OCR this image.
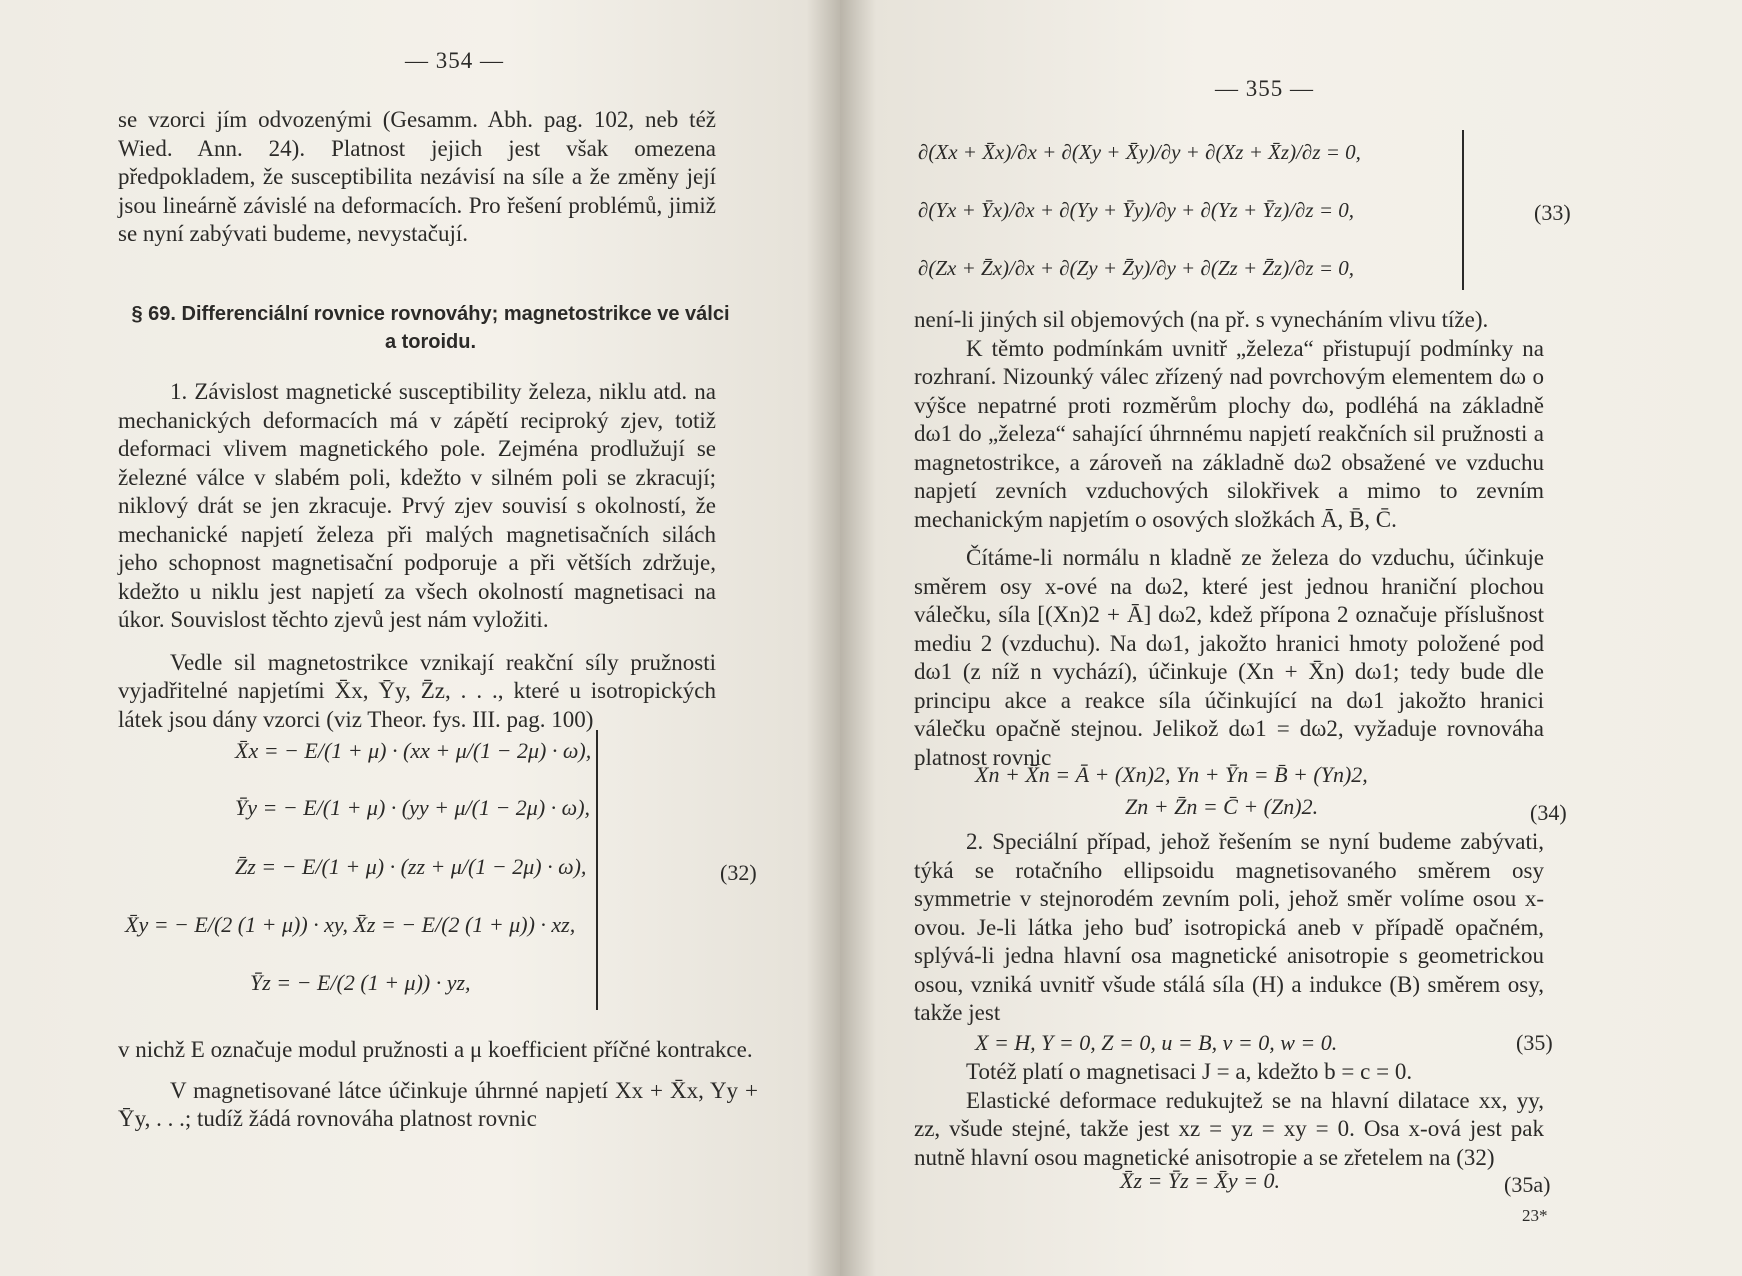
— 354 —

se vzorci jím odvozenými (Gesamm. Abh. pag. 102, neb též Wied. Ann. 24). Platnost jejich jest však omezena předpokladem, že susceptibilita nezávisí na síle a že změny její jsou lineárně závislé na deformacích. Pro řešení problémů, jimiž se nyní zabývati budeme, nevystačují.

§ 69. Differenciální rovnice rovnováhy; magnetostrikce ve válci
a toroidu.

1. Závislost magnetické susceptibility železa, niklu atd. na mechanických deformacích má v zápětí reciproký zjev, totiž deformaci vlivem magnetického pole. Zejména prodlužují se železné válce v slabém poli, kdežto v silném poli se zkracují; niklový drát se jen zkracuje. Prvý zjev souvisí s okolností, že mechanické napjetí železa při malých magnetisačních silách jeho schopnost magnetisační podporuje a při větších zdržuje, kdežto u niklu jest napjetí za všech okolností magnetisaci na úkor. Souvislost těchto zjevů jest nám vyložiti.

Vedle sil magnetostrikce vznikají reakční síly pružnosti vyjadřitelné napjetími X̄x, Ȳy, Z̄z, . . ., které u isotropických látek jsou dány vzorci (viz Theor. fys. III. pag. 100)

X̄x = − E/(1 + μ) · (xx + μ/(1 − 2μ) · ω),
Ȳy = − E/(1 + μ) · (yy + μ/(1 − 2μ) · ω),
Z̄z = − E/(1 + μ) · (zz + μ/(1 − 2μ) · ω),
X̄y = − E/(2 (1 + μ)) · xy, X̄z = − E/(2 (1 + μ)) · xz,
Ȳz = − E/(2 (1 + μ)) · yz,
(32)

v nichž E označuje modul pružnosti a μ koefficient příčné kontrakce.

V magnetisované látce účinkuje úhrnné napjetí Xx + X̄x, Yy + Ȳy, . . .; tudíž žádá rovnováha platnost rovnic

— 355 —
∂(Xx + X̄x)/∂x + ∂(Xy + X̄y)/∂y + ∂(Xz + X̄z)/∂z = 0,
∂(Yx + Ȳx)/∂x + ∂(Yy + Ȳy)/∂y + ∂(Yz + Ȳz)/∂z = 0,
∂(Zx + Z̄x)/∂x + ∂(Zy + Z̄y)/∂y + ∂(Zz + Z̄z)/∂z = 0,
(33)

není-li jiných sil objemových (na př. s vynecháním vlivu tíže).

K těmto podmínkám uvnitř „železa“ přistupují podmínky na rozhraní. Nizounký válec zřízený nad povrchovým elementem dω o výšce nepatrné proti rozměrům plochy dω, podléhá na základně dω1 do „železa“ sahající úhrnnému napjetí reakčních sil pružnosti a magnetostrikce, a zároveň na základně dω2 obsažené ve vzduchu napjetí zevních vzduchových silokřivek a mimo to zevním mechanickým napjetím o osových složkách Ā, B̄, C̄.

Čítáme-li normálu n kladně ze železa do vzduchu, účinkuje směrem osy x-ové na dω2, které jest jednou hraniční plochou válečku, síla [(Xn)2 + Ā] dω2, kdež přípona 2 označuje příslušnost mediu 2 (vzduchu). Na dω1, jakožto hranici hmoty položené pod dω1 (z níž n vychází), účinkuje (Xn + X̄n) dω1; tedy bude dle principu akce a reakce síla účinkující na dω1 jakožto hranici válečku opačně stejnou. Jelikož dω1 = dω2, vyžaduje rovnováha platnost rovnic

Xn + X̄n = Ā + (Xn)2, Yn + Ȳn = B̄ + (Yn)2,
Zn + Z̄n = C̄ + (Zn)2.	(34)

2. Speciální případ, jehož řešením se nyní budeme zabývati, týká se rotačního ellipsoidu magnetisovaného směrem osy symmetrie v stejnorodém zevním poli, jehož směr volíme osou x-ovou. Je-li látka jeho buď isotropická aneb v případě opačném, splývá-li jedna hlavní osa magnetické anisotropie s geometrickou osou, vzniká uvnitř všude stálá síla (H) a indukce (B) směrem osy, takže jest

X = H, Y = 0, Z = 0, u = B, v = 0, w = 0.	(35)

Totéž platí o magnetisaci J = a, kdežto b = c = 0.

Elastické deformace redukujtež se na hlavní dilatace xx, yy, zz, všude stejné, takže jest xz = yz = xy = 0. Osa x-ová jest pak nutně hlavní osou magnetické anisotropie a se zřetelem na (32)

X̄z = Ȳz = X̄y = 0.	(35a)
23*
